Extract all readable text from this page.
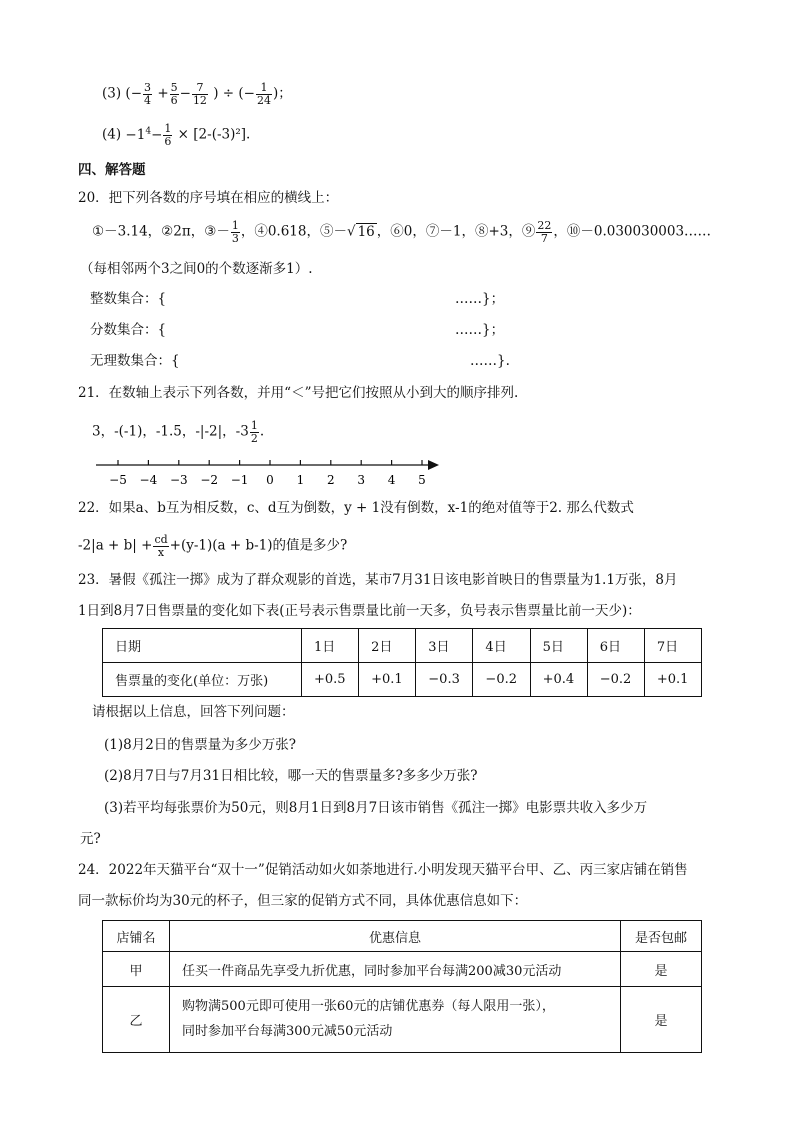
(3) (− $\frac{3}{4} + \frac{5}{6} - \frac{7}{12}$ ) ÷ (− $\frac{1}{24}$ )；
$(4) -1^4- \frac{1}{6} \times [2-(-3)^2]$.
四、解答题
20．把下列各数的序号填在相应的横线上：
①－3.14，②2π，③－ $\frac{1}{3}$ ，④0.618，⑤－√ 16 ，⑥0，⑦－1，⑧+3，⑨ $\frac{22}{7}$ ，⑩－0.030030003……
（每相邻两个3之间0的个数逐渐多1）.
整数集合：{	……}；
分数集合：{	……}；
无理数集合：{	……}.
21．在数轴上表示下列各数，并用“＜”号把它们按照从小到大的顺序排列.
3，-(-1)，-1.5，-|-2|，$-3 \frac{1}{2}$ .
−5 −4 −3 −2 −1 0 1 2 3 4 5
22．如果a、b互为相反数，c、d互为倒数，y + 1没有倒数，x-1的绝对值等于2. 那么代数式
$-2|a + b| + \frac{cd}{x} +(y-1)(a + b-1)$的值是多少?
23．暑假《孤注一掷》成为了群众观影的首选，某市7月31日该电影首映日的售票量为1.1万张，8月
1日到8月7日售票量的变化如下表(正号表示售票量比前一天多，负号表示售票量比前一天少)：
日期	1日	2日	3日	4日	5日	6日	7日
售票量的变化(单位：万张)	+0.5	+0.1	−0.3	−0.2	+0.4	−0.2	+0.1
请根据以上信息，回答下列问题：
(1)8月2日的售票量为多少万张?
(2)8月7日与7月31日相比较，哪一天的售票量多?多多少万张?
(3)若平均每张票价为50元，则8月1日到8月7日该市销售《孤注一掷》电影票共收入多少万
元?
24．2022年天猫平台“双十一”促销活动如火如荼地进行.小明发现天猫平台甲、乙、丙三家店铺在销售
同一款标价均为30元的杯子，但三家的促销方式不同，具体优惠信息如下：
店铺名	优惠信息	是否包邮
甲	任买一件商品先享受九折优惠，同时参加平台每满200减30元活动	是
乙	购物满500元即可使用一张60元的店铺优惠券（每人限用一张），
同时参加平台每满300元减50元活动	是
